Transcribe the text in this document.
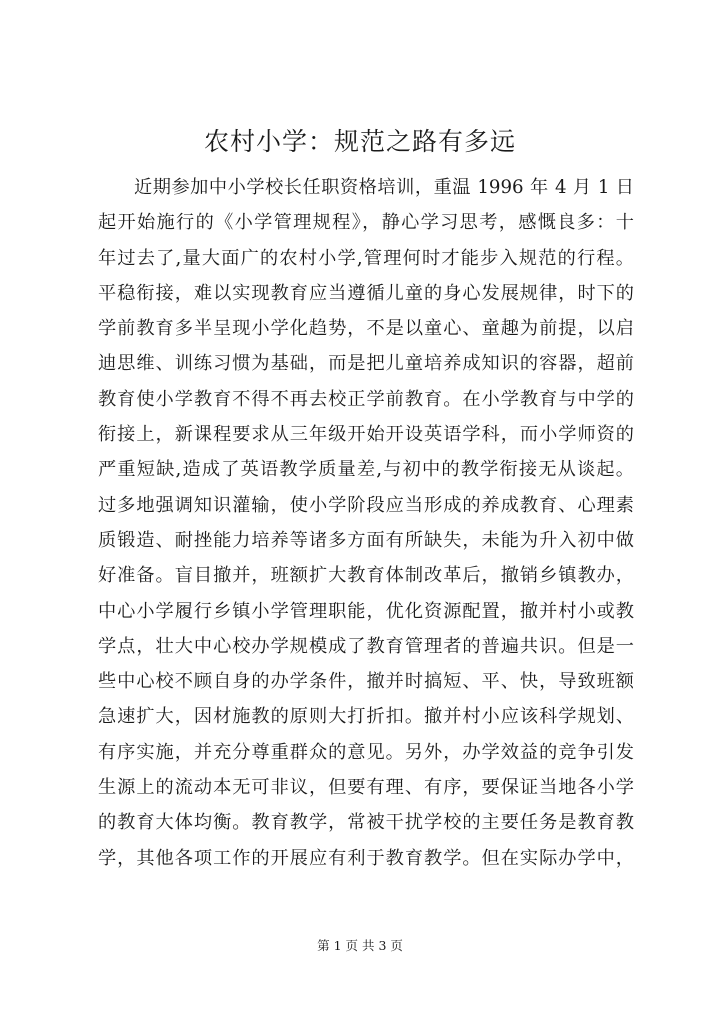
农村小学：规范之路有多远
近期参加中小学校长任职资格培训，重温 1996 年 4 月 1 日
起开始施行的《小学管理规程》，静心学习思考，感慨良多：十
年过去了,量大面广的农村小学,管理何时才能步入规范的行程。
平稳衔接，难以实现教育应当遵循儿童的身心发展规律，时下的
学前教育多半呈现小学化趋势，不是以童心、童趣为前提，以启
迪思维、训练习惯为基础，而是把儿童培养成知识的容器，超前
教育使小学教育不得不再去校正学前教育。在小学教育与中学的
衔接上，新课程要求从三年级开始开设英语学科，而小学师资的
严重短缺,造成了英语教学质量差,与初中的教学衔接无从谈起。
过多地强调知识灌输，使小学阶段应当形成的养成教育、心理素
质锻造、耐挫能力培养等诸多方面有所缺失，未能为升入初中做
好准备。盲目撤并，班额扩大教育体制改革后，撤销乡镇教办，
中心小学履行乡镇小学管理职能，优化资源配置，撤并村小或教
学点，壮大中心校办学规模成了教育管理者的普遍共识。但是一
些中心校不顾自身的办学条件，撤并时搞短、平、快，导致班额
急速扩大，因材施教的原则大打折扣。撤并村小应该科学规划、
有序实施，并充分尊重群众的意见。另外，办学效益的竞争引发
生源上的流动本无可非议，但要有理、有序，要保证当地各小学
的教育大体均衡。教育教学，常被干扰学校的主要任务是教育教
学，其他各项工作的开展应有利于教育教学。但在实际办学中，

第 1 页 共 3 页
